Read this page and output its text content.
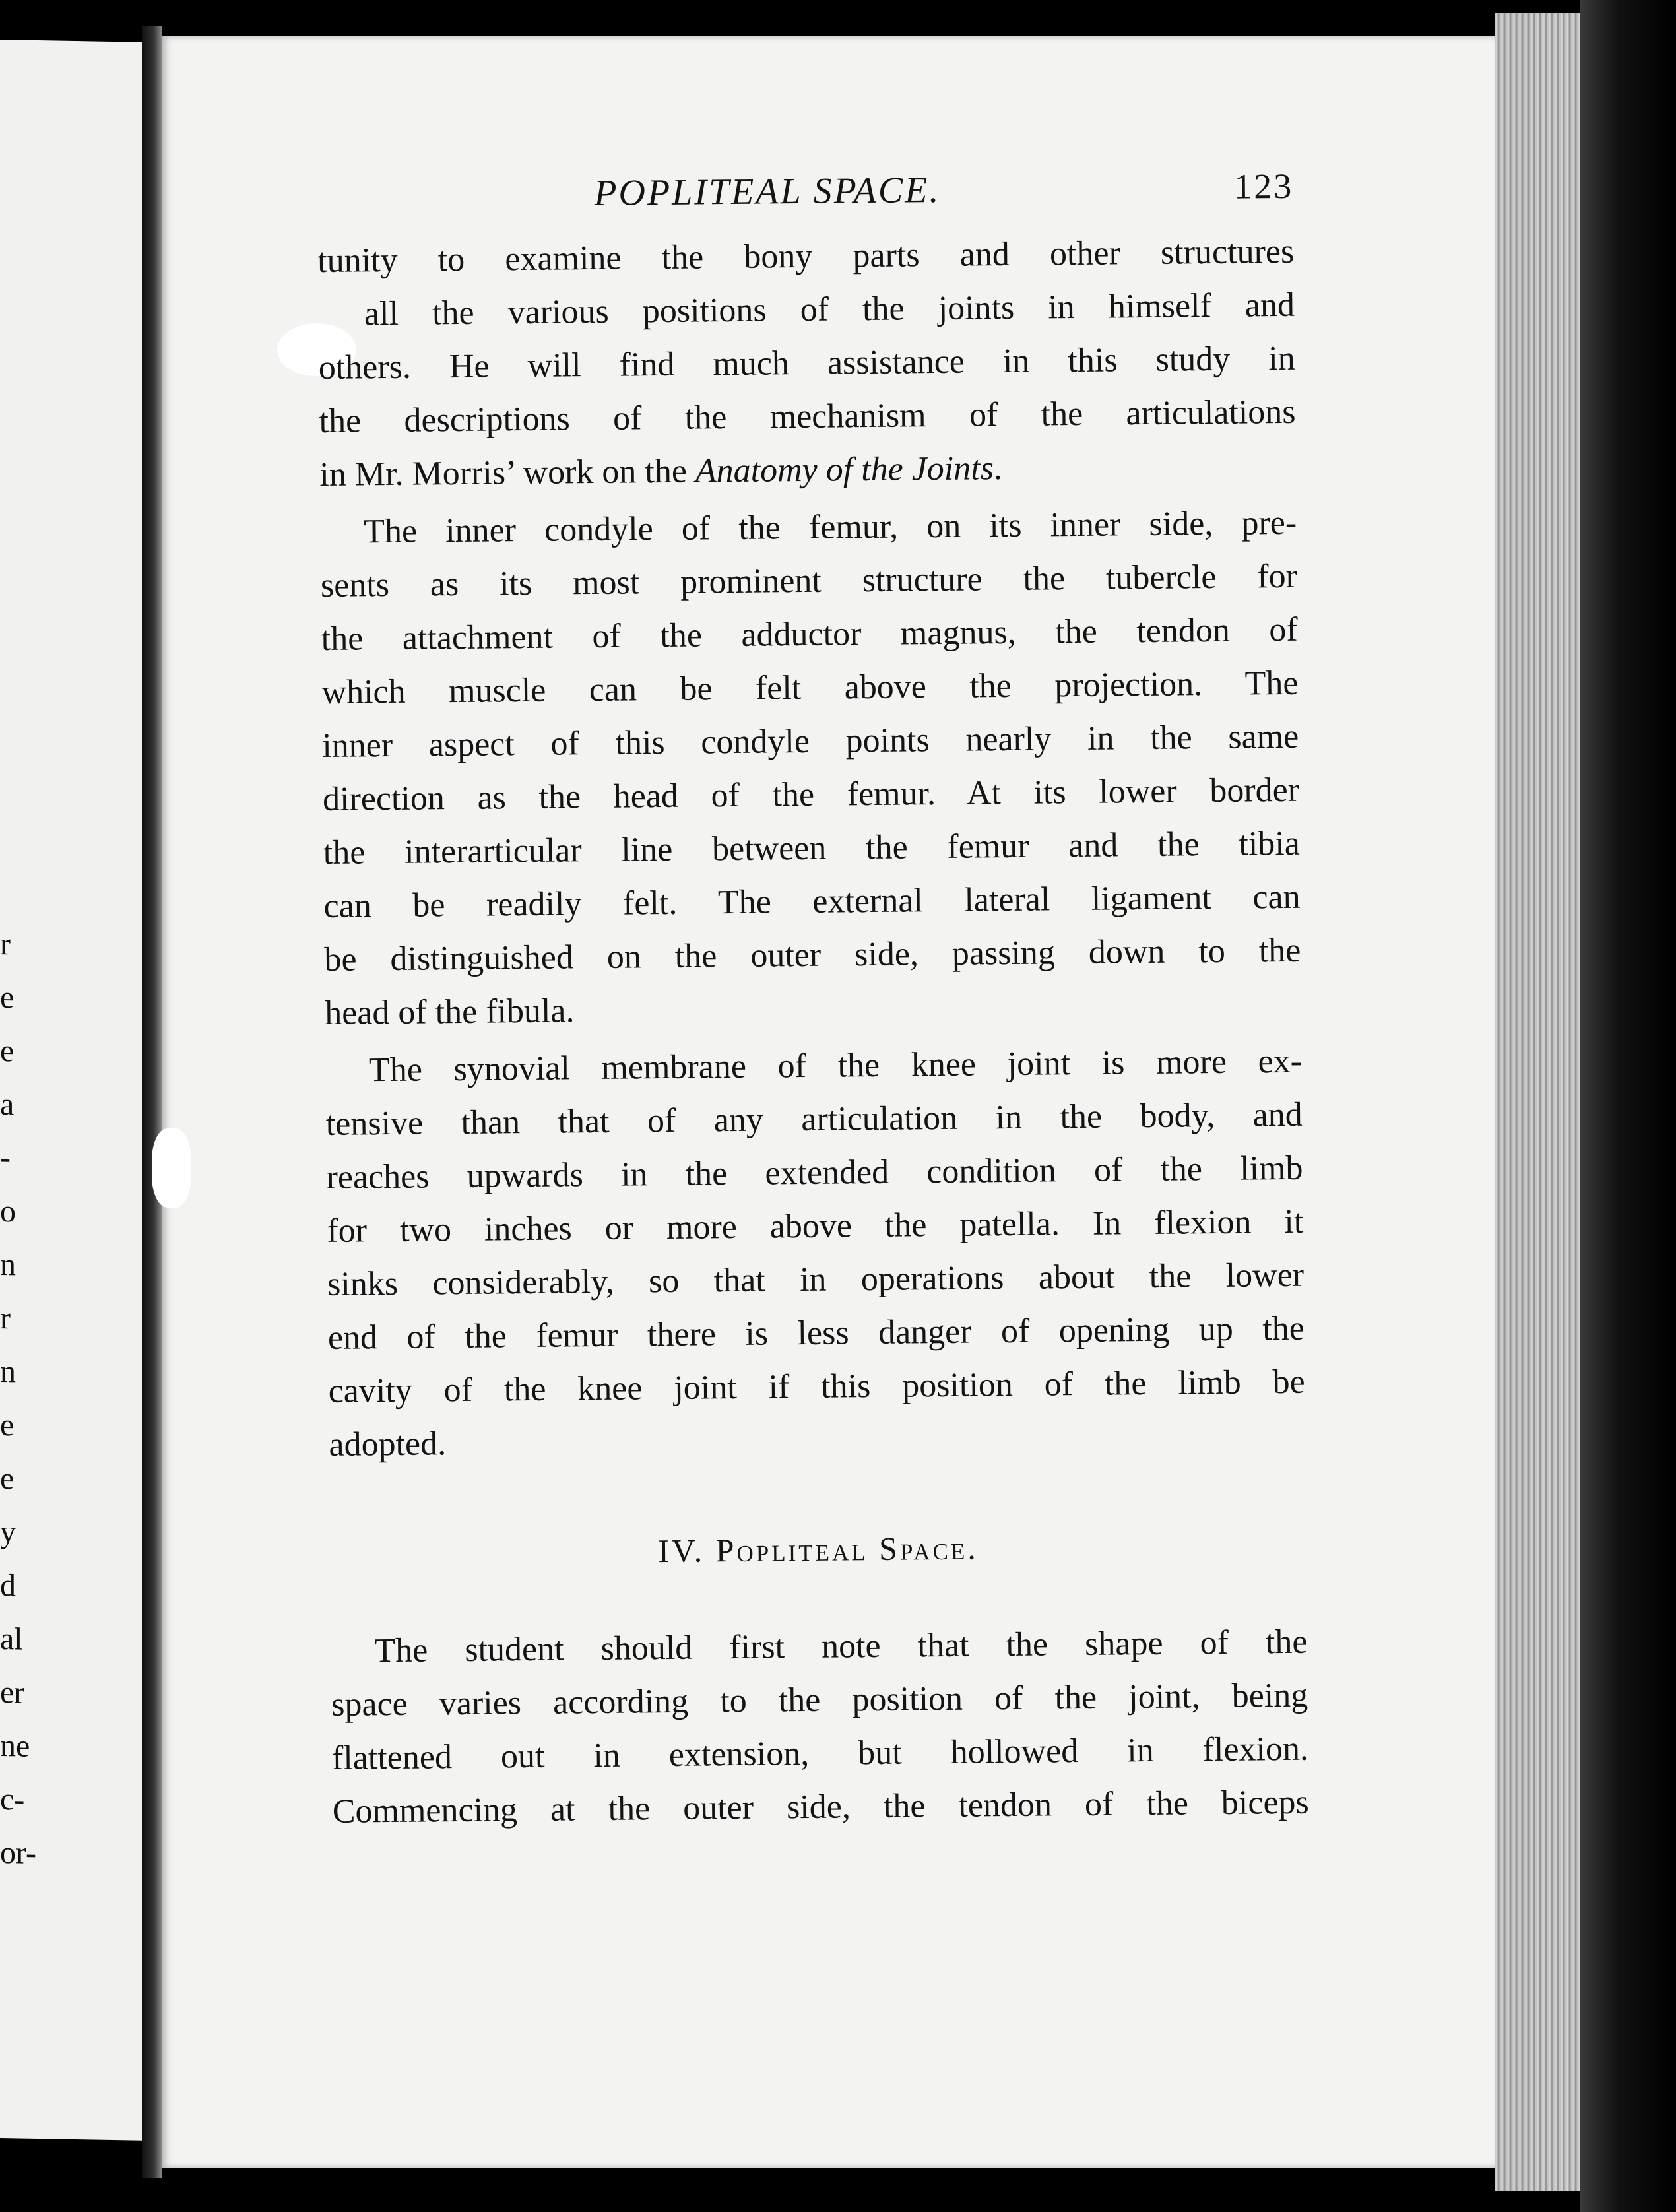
r
e
e
a
-
o
n
r
n
e
e
y
d
al
er
ne
c-
or-
POPLITEAL SPACE.	123

tunity to examine the bony parts and other structures
all the various positions of the joints in himself and
others. He will find much assistance in this study in
the descriptions of the mechanism of the articulations
in Mr. Morris’ work on the Anatomy of the Joints.

The inner condyle of the femur, on its inner side, pre-
sents as its most prominent structure the tubercle for
the attachment of the adductor magnus, the tendon of
which muscle can be felt above the projection. The
inner aspect of this condyle points nearly in the same
direction as the head of the femur. At its lower border
the interarticular line between the femur and the tibia
can be readily felt. The external lateral ligament can
be distinguished on the outer side, passing down to the
head of the fibula.

The synovial membrane of the knee joint is more ex-
tensive than that of any articulation in the body, and
reaches upwards in the extended condition of the limb
for two inches or more above the patella. In flexion it
sinks considerably, so that in operations about the lower
end of the femur there is less danger of opening up the
cavity of the knee joint if this position of the limb be
adopted.

IV. Popliteal Space.

The student should first note that the shape of the
space varies according to the position of the joint, being
flattened out in extension, but hollowed in flexion.
Commencing at the outer side, the tendon of the biceps
